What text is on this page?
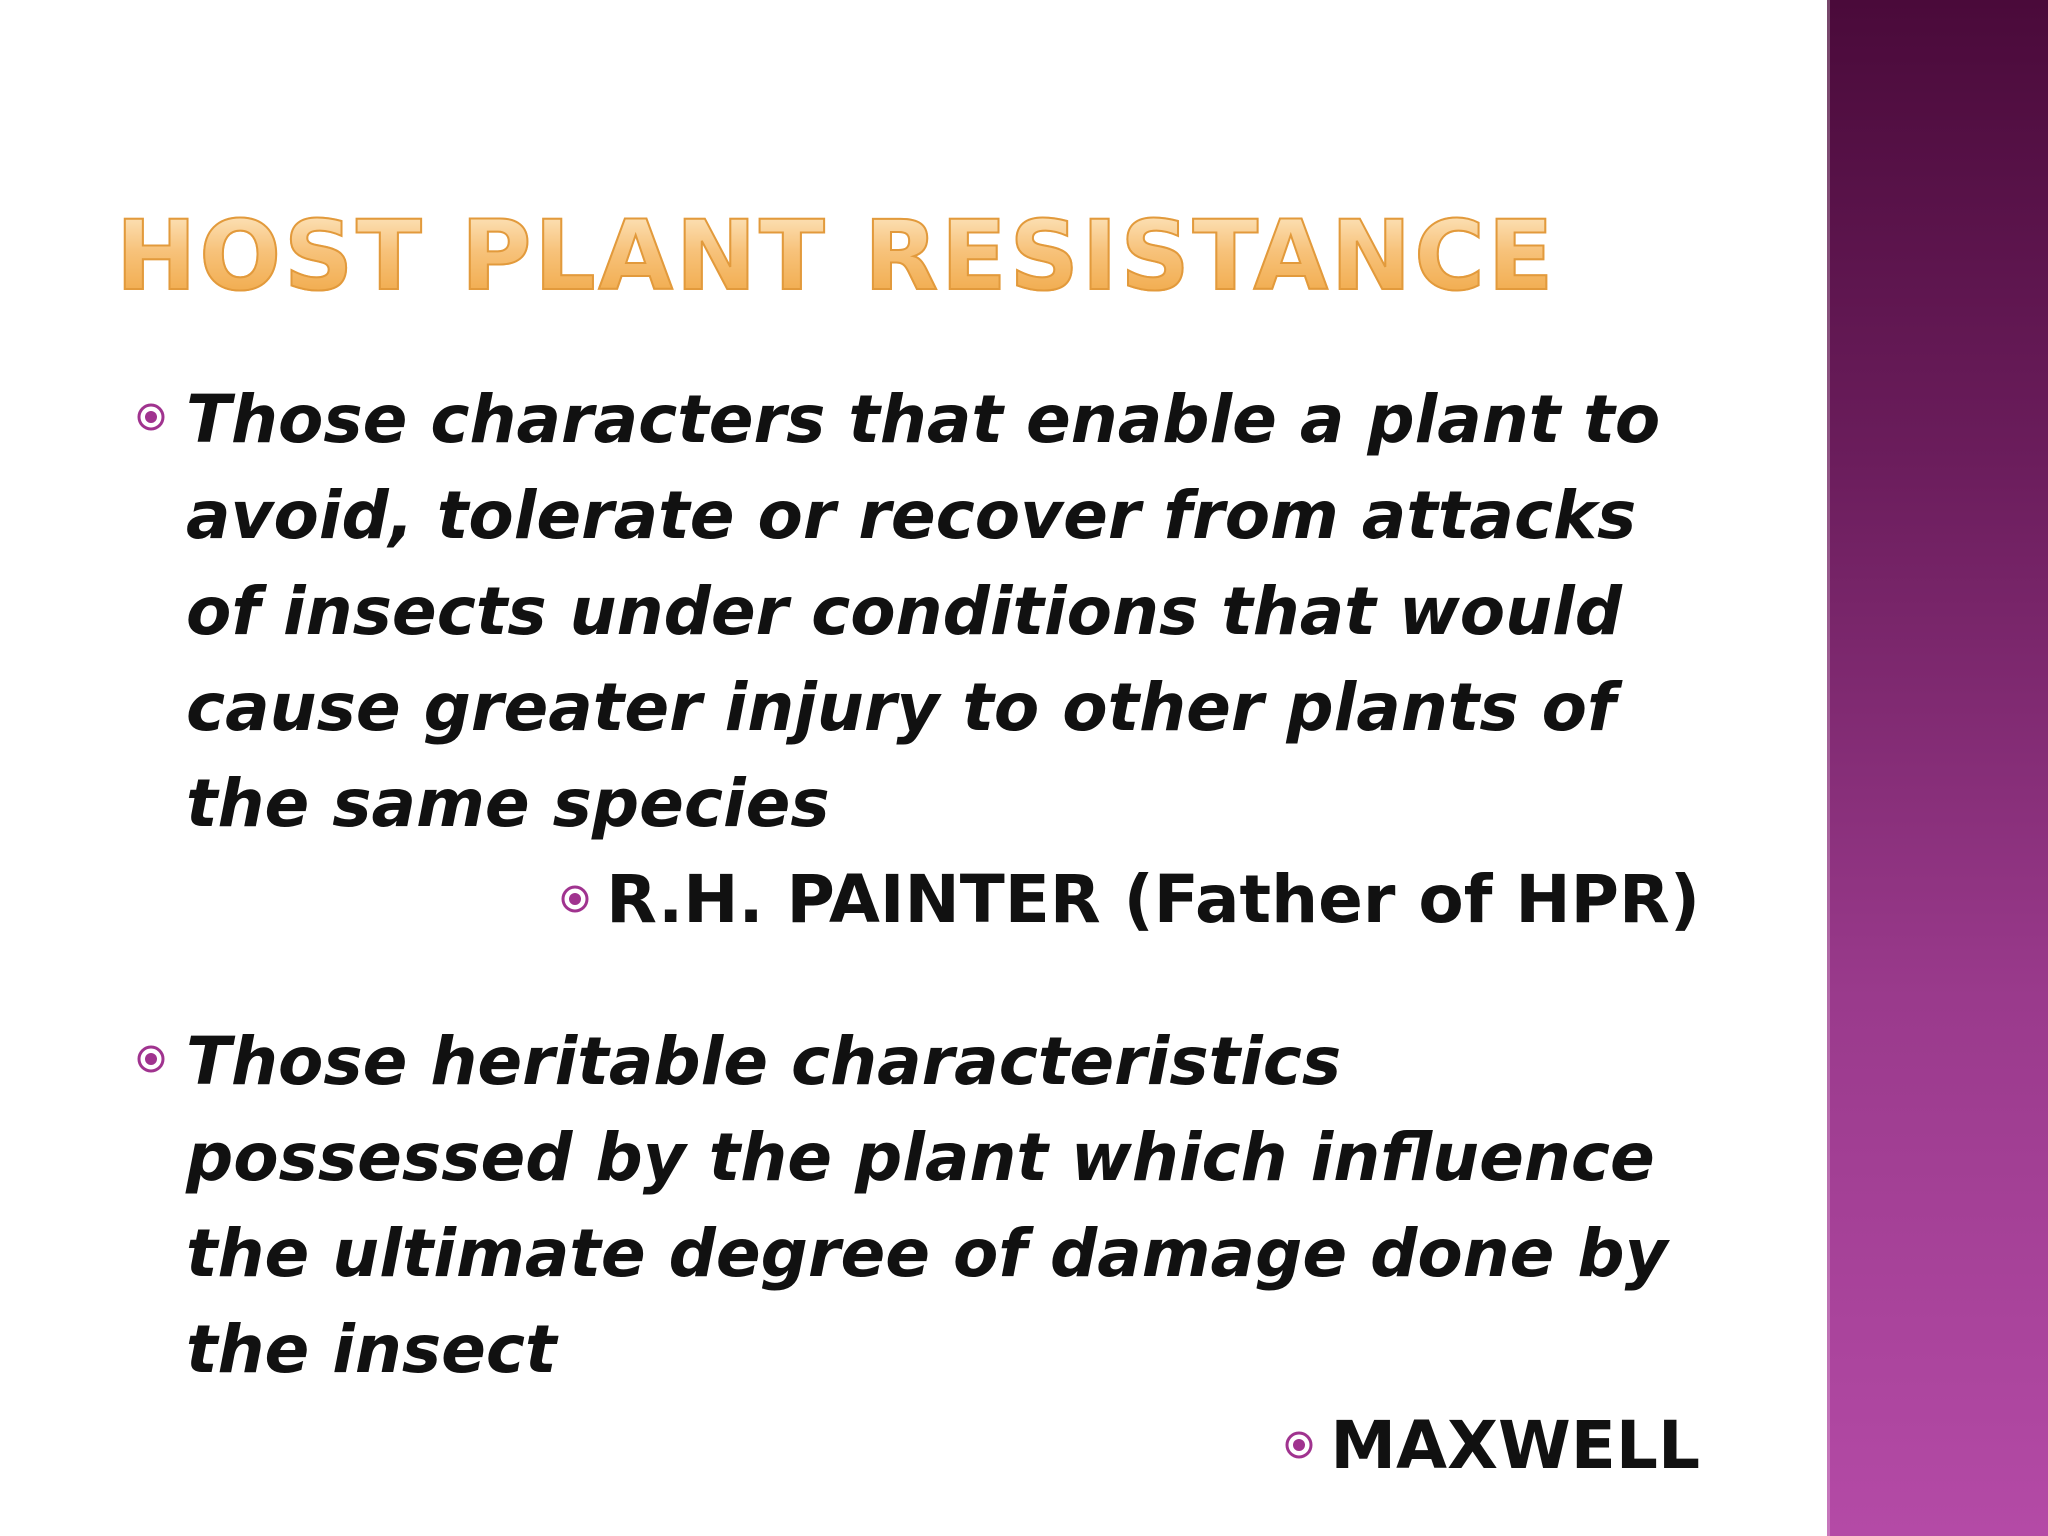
HOST PLANT RESISTANCE

Those characters that enable a plant to avoid, tolerate or recover from attacks of insects under conditions that would cause greater injury to other plants of the same species

R.H. PAINTER (Father of HPR)

Those heritable characteristics possessed by the plant which influence the ultimate degree of damage done by the insect

MAXWELL
